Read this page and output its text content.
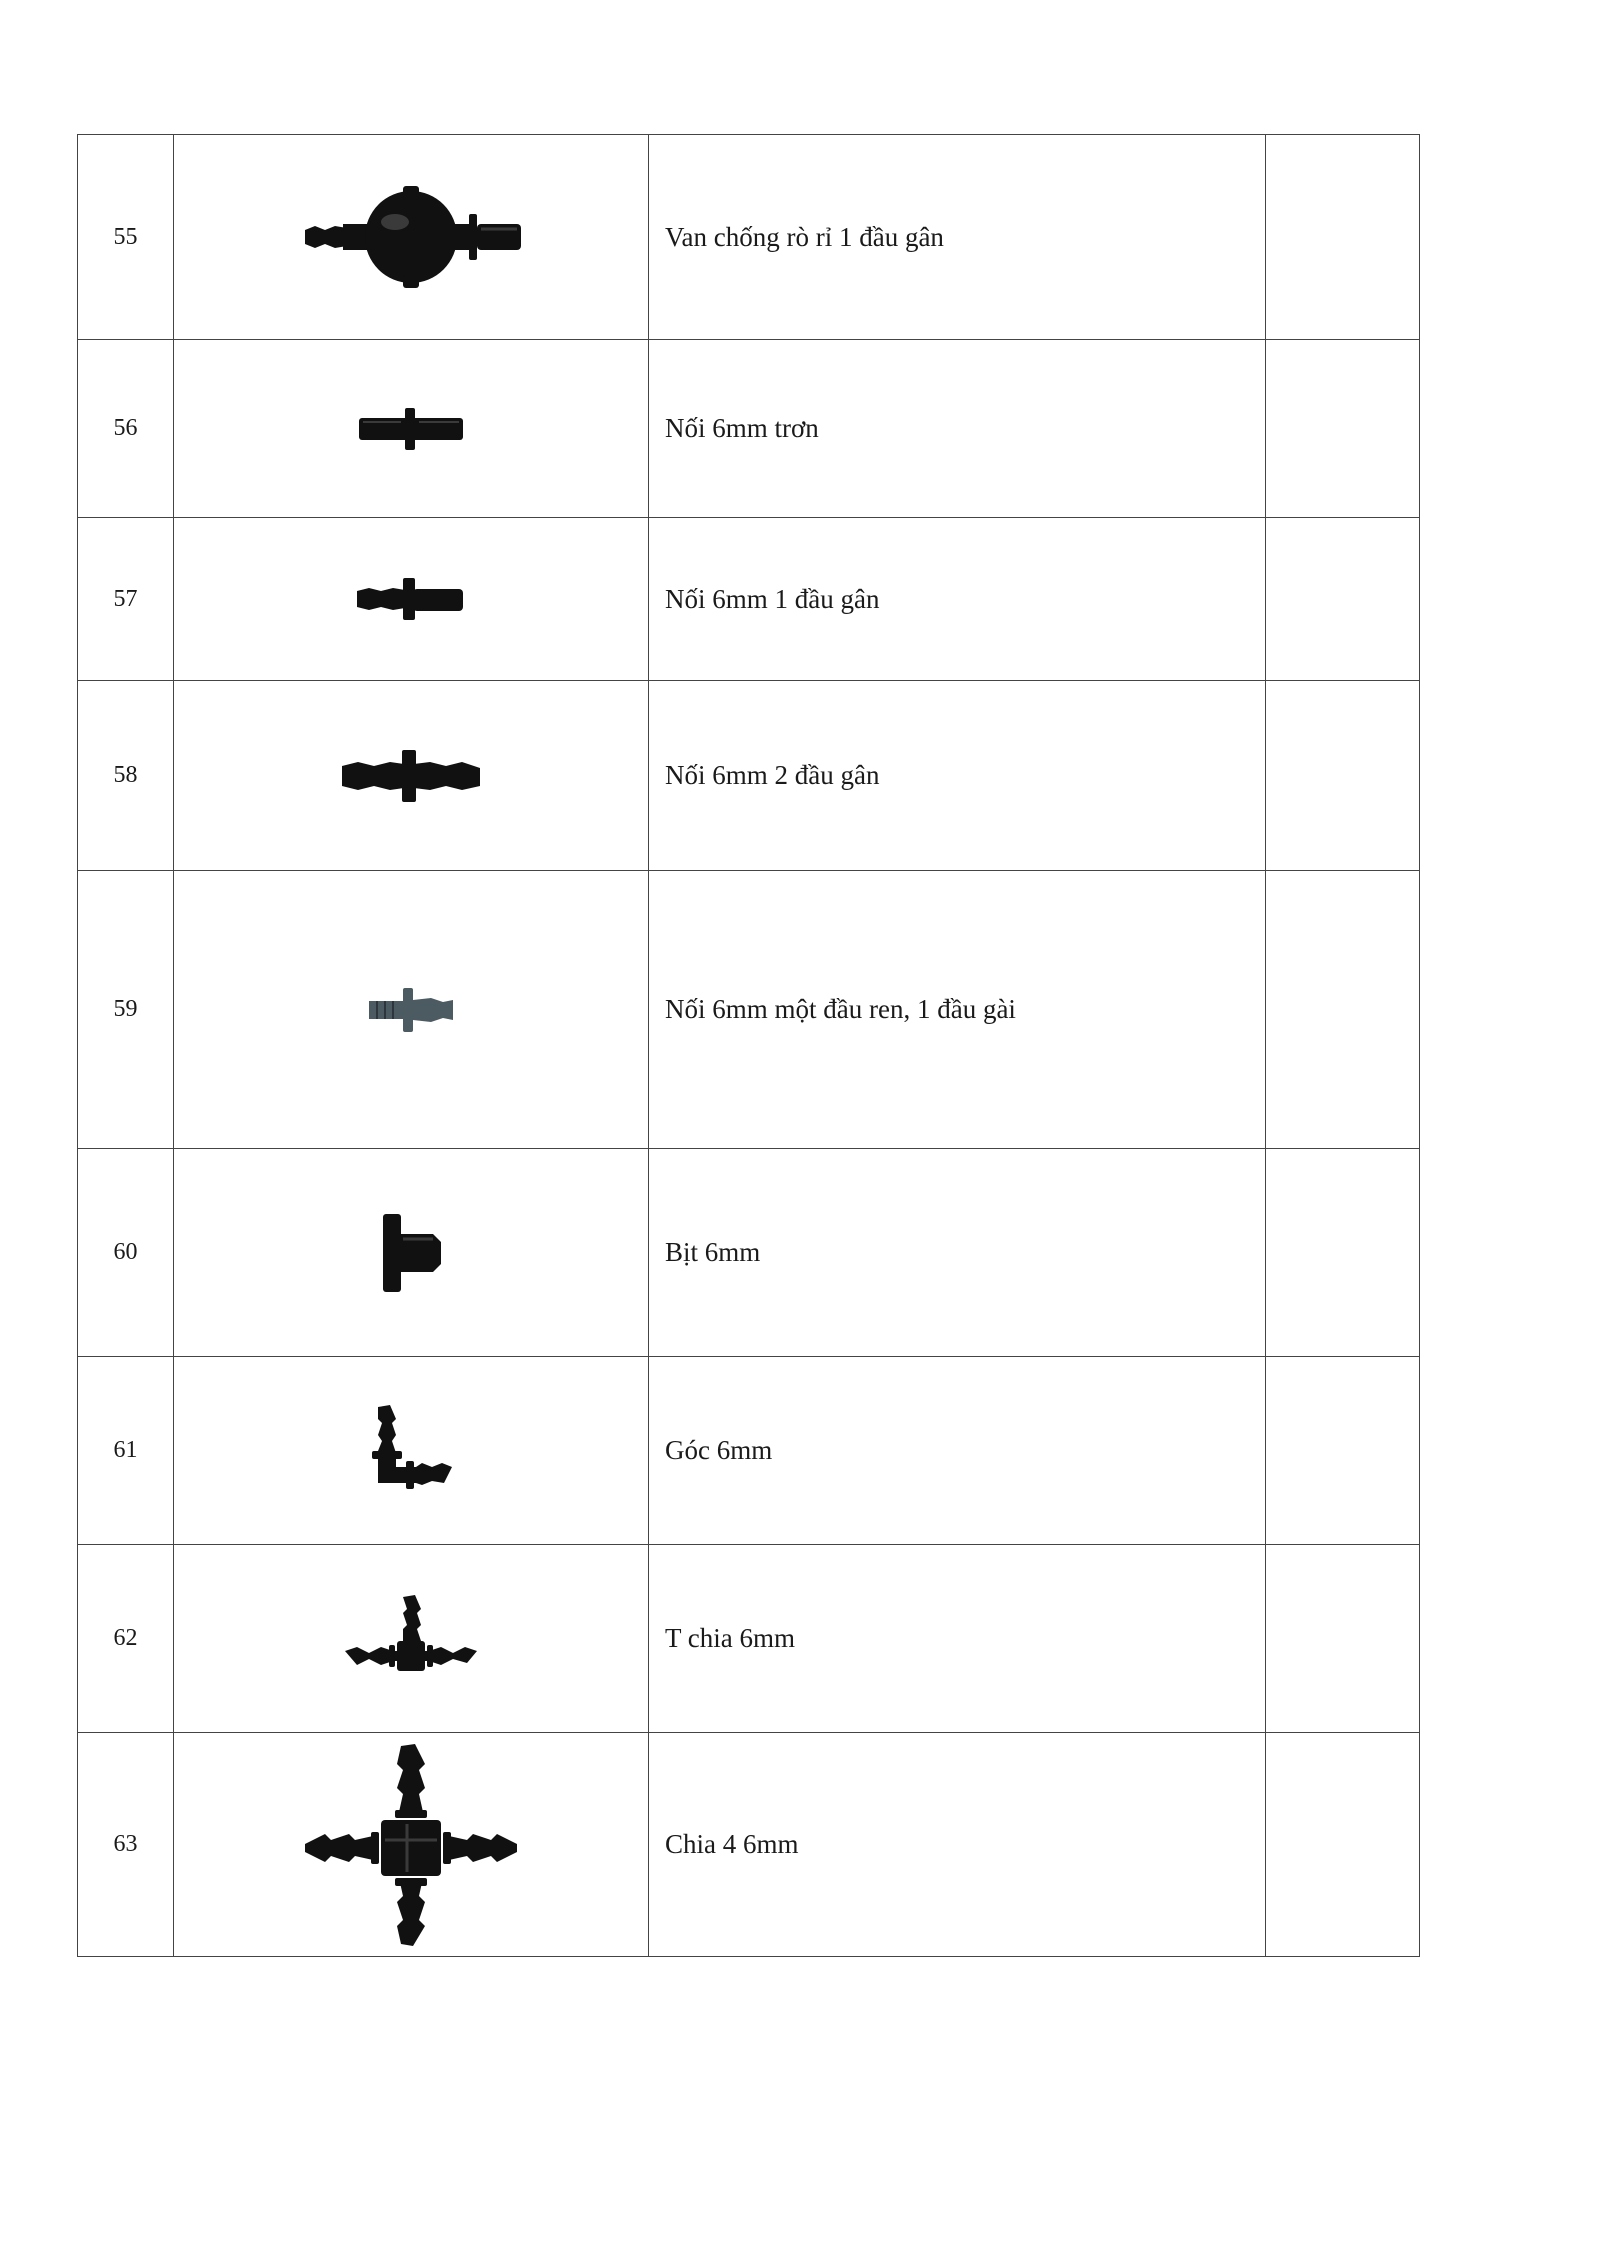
55		Van chống rò rỉ 1 đầu gân	
56		Nối 6mm trơn	
57		Nối 6mm 1 đầu gân	
58		Nối 6mm 2 đầu gân	
59		Nối 6mm một đầu ren, 1 đầu gài	
60		Bịt 6mm	
61		Góc 6mm	
62		T chia 6mm	
63		Chia 4 6mm	
